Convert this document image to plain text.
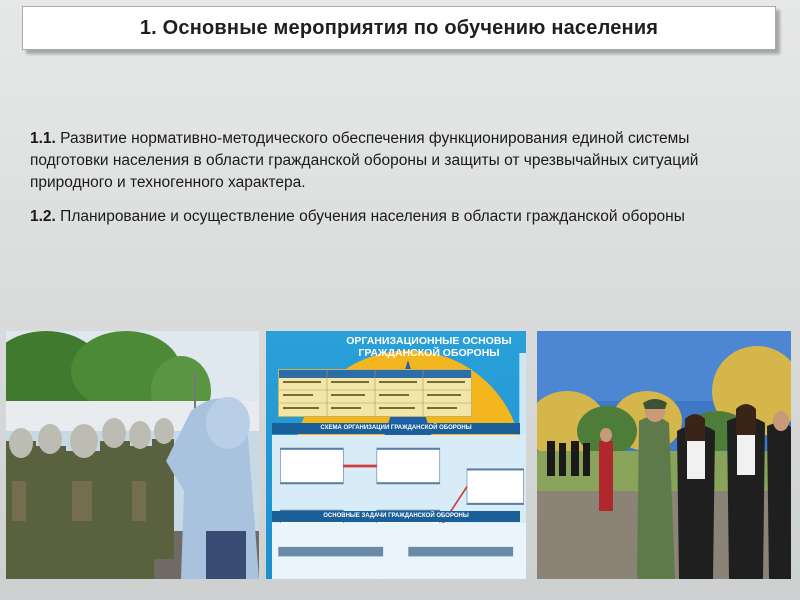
1. Основные мероприятия по обучению населения

1.1. Развитие нормативно-методического обеспечения функционирования единой системы подготовки населения в области гражданской обороны и защиты от чрезвычайных ситуаций природного и техногенного характера.

1.2. Планирование и осуществление обучения населения в области гражданской обороны

ОРГАНИЗАЦИОННЫЕ ОСНОВЫ
ГРАЖДАНСКОЙ ОБОРОНЫ
СХЕМА ОРГАНИЗАЦИИ ГРАЖДАНСКОЙ ОБОРОНЫ
ОСНОВНЫЕ ЗАДАЧИ ГРАЖДАНСКОЙ ОБОРОНЫ
